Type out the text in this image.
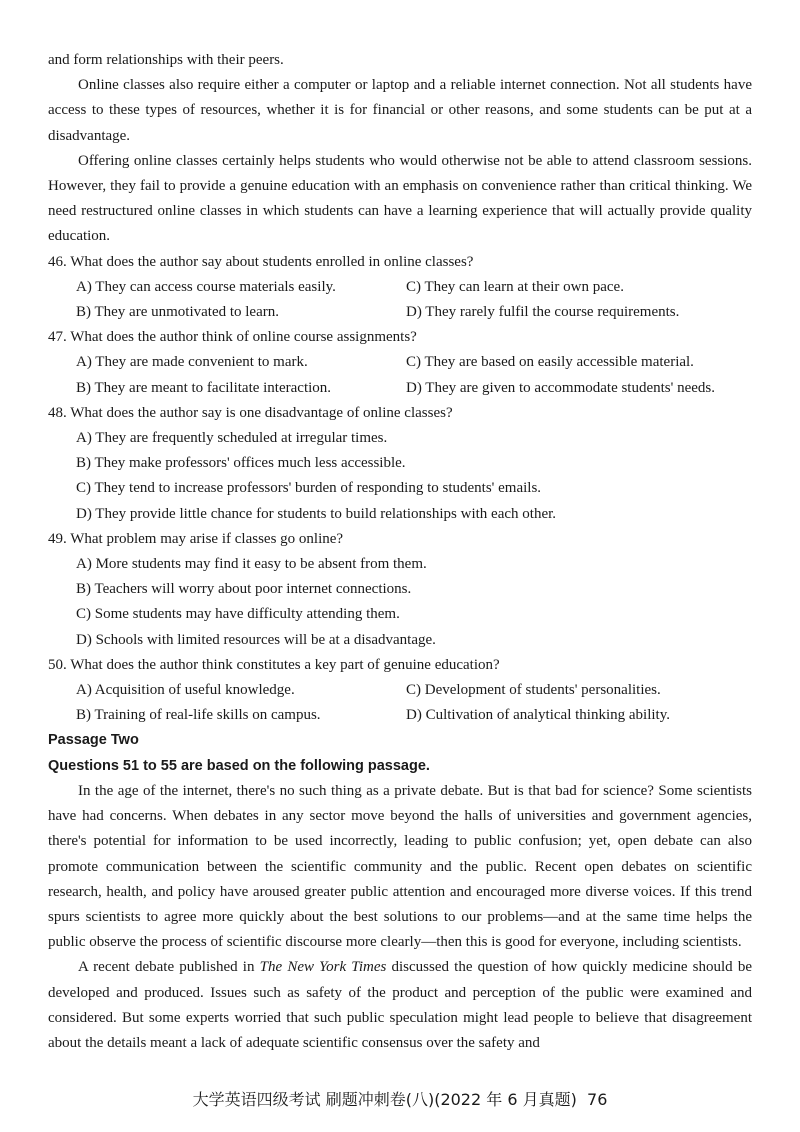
and form relationships with their peers.

Online classes also require either a computer or laptop and a reliable internet connection. Not all students have access to these types of resources, whether it is for financial or other reasons, and some students can be put at a disadvantage.

Offering online classes certainly helps students who would otherwise not be able to attend classroom sessions. However, they fail to provide a genuine education with an emphasis on convenience rather than critical thinking. We need restructured online classes in which students can have a learning experience that will actually provide quality education.

46. What does the author say about students enrolled in online classes?

A) They can access course materials easily.	C) They can learn at their own pace.
B) They are unmotivated to learn.	D) They rarely fulfil the course requirements.

47. What does the author think of online course assignments?

A) They are made convenient to mark.	C) They are based on easily accessible material.
B) They are meant to facilitate interaction.	D) They are given to accommodate students' needs.

48. What does the author say is one disadvantage of online classes?

A) They are frequently scheduled at irregular times.
B) They make professors' offices much less accessible.
C) They tend to increase professors' burden of responding to students' emails.
D) They provide little chance for students to build relationships with each other.

49. What problem may arise if classes go online?

A) More students may find it easy to be absent from them.
B) Teachers will worry about poor internet connections.
C) Some students may have difficulty attending them.
D) Schools with limited resources will be at a disadvantage.

50. What does the author think constitutes a key part of genuine education?

A) Acquisition of useful knowledge.	C) Development of students' personalities.
B) Training of real-life skills on campus.	D) Cultivation of analytical thinking ability.

Passage Two

Questions 51 to 55 are based on the following passage.

In the age of the internet, there's no such thing as a private debate. But is that bad for science? Some scientists have had concerns. When debates in any sector move beyond the halls of universities and government agencies, there's potential for information to be used incorrectly, leading to public confusion; yet, open debate can also promote communication between the scientific community and the public. Recent open debates on scientific research, health, and policy have aroused greater public attention and encouraged more diverse voices. If this trend spurs scientists to agree more quickly about the best solutions to our problems—and at the same time helps the public observe the process of scientific discourse more clearly—then this is good for everyone, including scientists.

A recent debate published in The New York Times discussed the question of how quickly medicine should be developed and produced. Issues such as safety of the product and perception of the public were examined and considered. But some experts worried that such public speculation might lead people to believe that disagreement about the details meant a lack of adequate scientific consensus over the safety and

大学英语四级考试 刷题冲刺卷(八)(2022 年 6 月真题) 76
